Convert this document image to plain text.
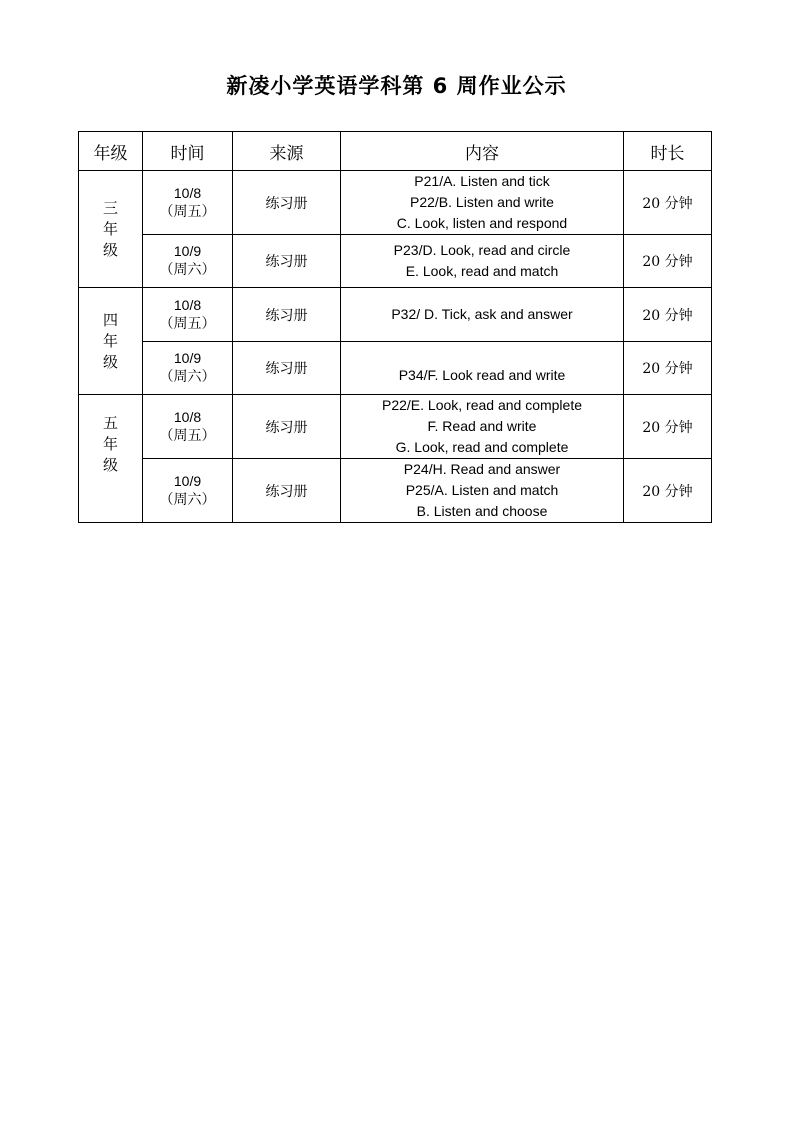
新凌小学英语学科第 6 周作业公示
年级	时间	来源	内容	时长

三
年
级	10/8
（周五）	练习册	P21/A. Listen and tick
P22/B. Listen and write
C. Look, listen and respond	20 分钟

	10/9
（周六）	练习册	P23/D. Look, read and circle
E. Look, read and match	20 分钟

四
年
级	10/8
（周五）	练习册	P32/ D. Tick, ask and answer	20 分钟

	10/9
（周六）	练习册	P34/F. Look read and write	20 分钟

五
年
级	10/8
（周五）	练习册	P22/E. Look, read and complete
F. Read and write
G. Look, read and complete	20 分钟

	10/9
（周六）	练习册	P24/H. Read and answer
P25/A. Listen and match
B. Listen and choose	20 分钟
